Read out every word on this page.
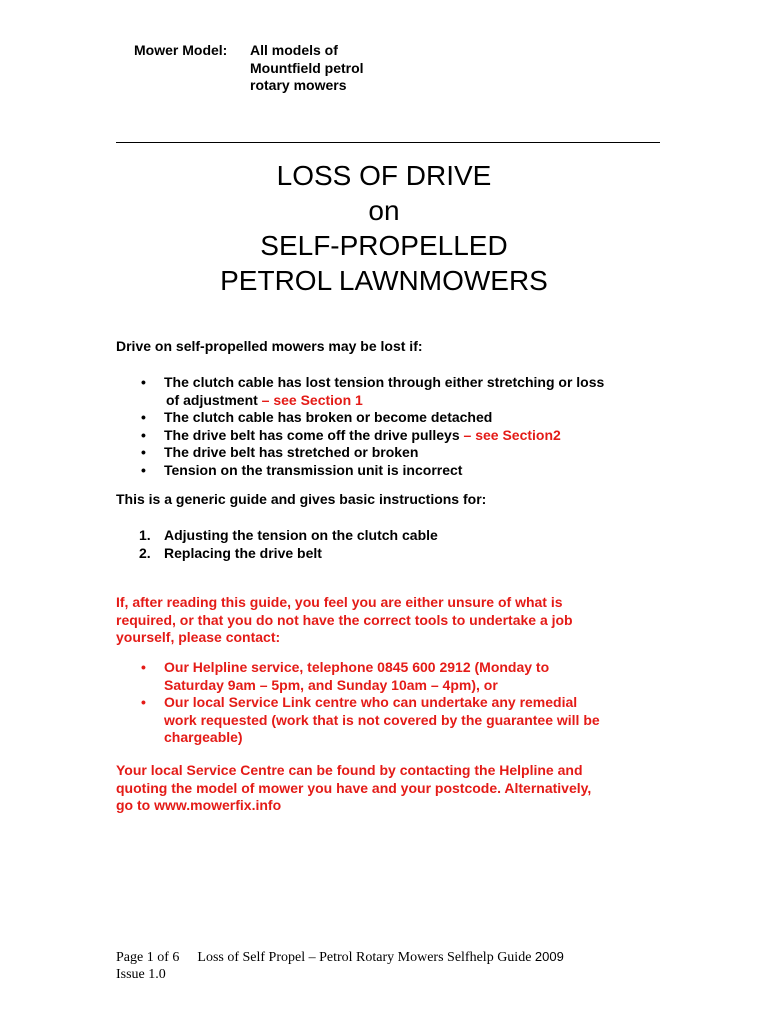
Mower Model: All models of
Mountfield petrol
rotary mowers
LOSS OF DRIVE
on
SELF-PROPELLED
PETROL LAWNMOWERS
Drive on self-propelled mowers may be lost if:
• The clutch cable has lost tension through either stretching or loss
of adjustment – see Section 1
• The clutch cable has broken or become detached
• The drive belt has come off the drive pulleys – see Section2
• The drive belt has stretched or broken
• Tension on the transmission unit is incorrect
This is a generic guide and gives basic instructions for:
1. Adjusting the tension on the clutch cable
2. Replacing the drive belt
If, after reading this guide, you feel you are either unsure of what is
required, or that you do not have the correct tools to undertake a job
yourself, please contact:
• Our Helpline service, telephone 0845 600 2912 (Monday to
Saturday 9am – 5pm, and Sunday 10am – 4pm), or
• Our local Service Link centre who can undertake any remedial
work requested (work that is not covered by the guarantee will be
chargeable)
Your local Service Centre can be found by contacting the Helpline and
quoting the model of mower you have and your postcode. Alternatively,
go to www.mowerfix.info
Page 1 of 6 Loss of Self Propel – Petrol Rotary Mowers Selfhelp Guide 2009
Issue 1.0
